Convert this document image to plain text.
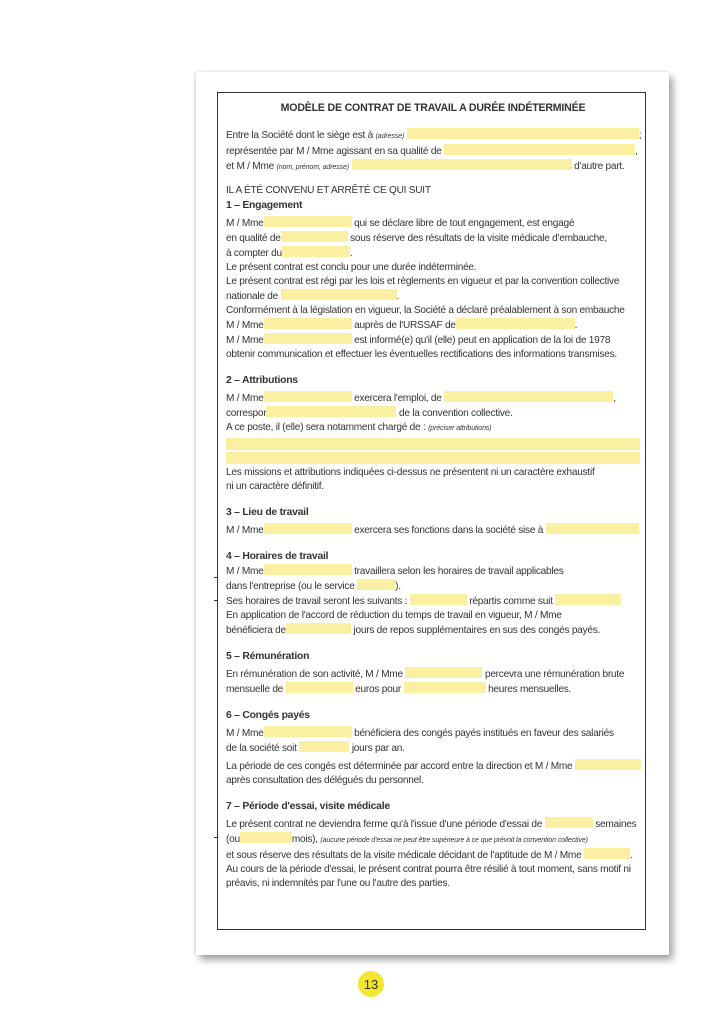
MODÈLE DE CONTRAT DE TRAVAIL A DURÉE INDÉTERMINÉE
Entre la Société dont le siège est à (adresse)	;
représentée par M / Mme agissant en sa qualité de	,
et M / Mme (nom, prénom, adresse)	d'autre part.
IL A ÉTÉ CONVENU ET ARRÊTÉ CE QUI SUIT
1 – Engagement
M / Mme	qui se déclare libre de tout engagement, est engagé
en qualité de	sous réserve des résultats de la visite médicale d'embauche,
à compter du	.
Le présent contrat est conclu pour une durée indéterminée.
Le présent contrat est régi par les lois et règlements en vigueur et par la convention collective
nationale de	.
Conformément à la législation en vigueur, la Société a déclaré préalablement à son embauche
M / Mme	auprès de l'URSSAF de	.
M / Mme	est informé(e) qu'il (elle) peut en application de la loi de 1978
obtenir communication et effectuer les éventuelles rectifications des informations transmises.
2 – Attributions
M / Mme	exercera l'emploi, de	,
correspor	de la convention collective.
A ce poste, il (elle) sera notamment chargé de : (préciser attributions)
Les missions et attributions indiquées ci-dessus ne présentent ni un caractère exhaustif
ni un caractère définitif.
3 – Lieu de travail
M / Mme	exercera ses fonctions dans la société sise à
4 – Horaires de travail
M / Mme	travaillera selon les horaires de travail applicables
dans l'entreprise (ou le service	).
Ses horaires de travail seront les suivants :	répartis comme suit
En application de l'accord de réduction du temps de travail en vigueur, M / Mme
bénéficiera de	jours de repos supplémentaires en sus des congés payés.
5 – Rémunération
En rémunération de son activité, M / Mme	percevra une rémunération brute
mensuelle de	euros pour	heures mensuelles.
6 – Congés payés
M / Mme	bénéficiera des congés payés institués en faveur des salariés
de la société soit	jours par an.
La période de ces congés est déterminée par accord entre la direction et M / Mme
après consultation des délégués du personnel.
7 – Période d'essai, visite médicale
Le présent contrat ne deviendra ferme qu'à l'issue d'une période d'essai de	semaines
(ou	mois), (aucune période d'essai ne peut être supérieure à ce que prévoit la convention collective)
et sous réserve des résultats de la visite médicale décidant de l'aptitude de M / Mme	.
Au cours de la période d'essai, le présent contrat pourra être résilié à tout moment, sans motif ni
préavis, ni indemnités par l'une ou l'autre des parties.
13
